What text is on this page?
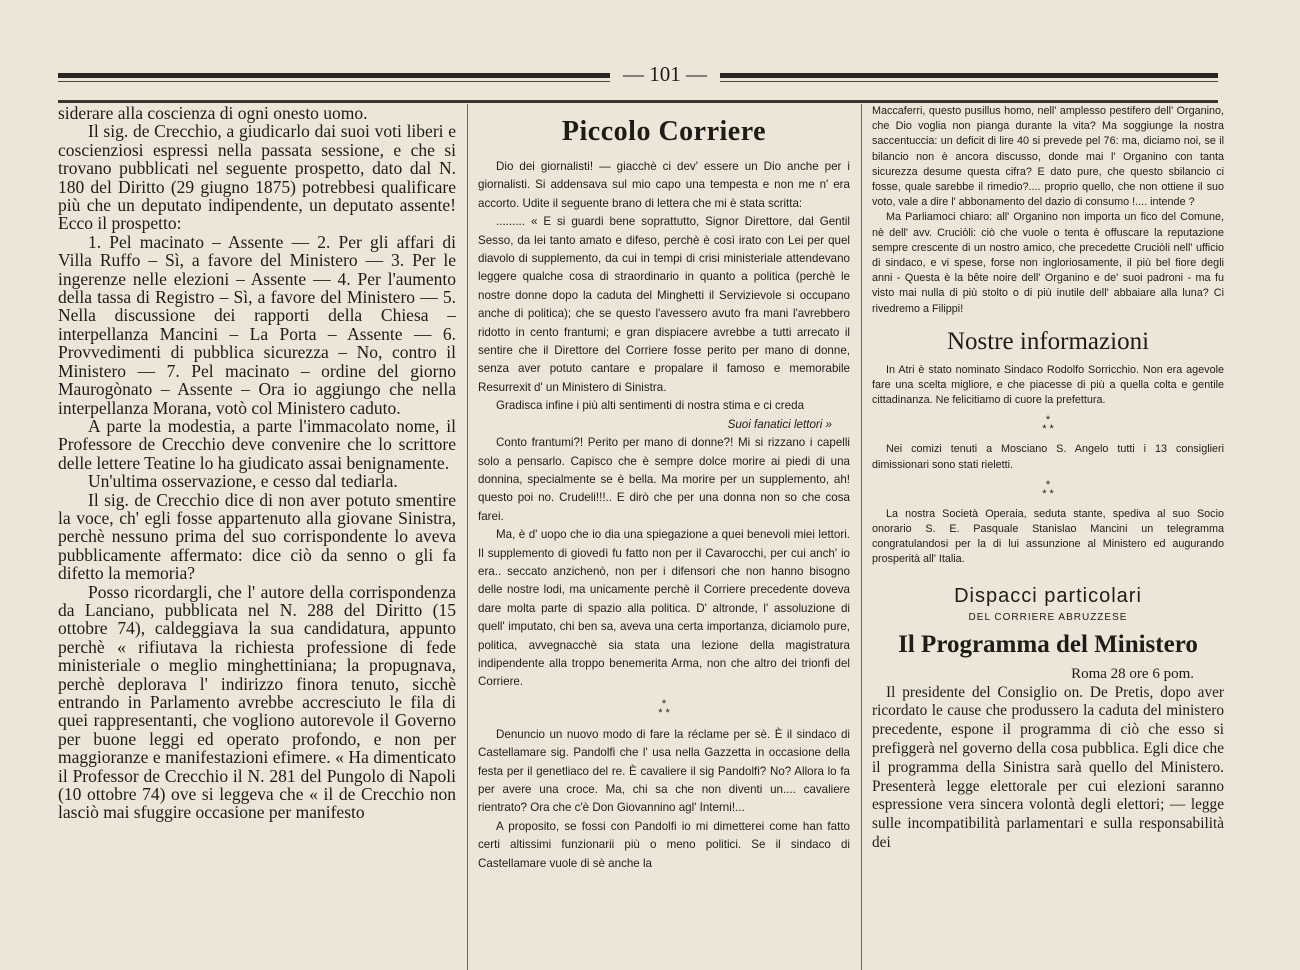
— 101 —

siderare alla coscienza di ogni onesto uomo.

Il sig. de Crecchio, a giudicarlo dai suoi voti liberi e coscienziosi espressi nella passata sessione, e che si trovano pubblicati nel seguente prospetto, dato dal N. 180 del Diritto (29 giugno 1875) potrebbesi qualificare più che un deputato indipendente, un deputato assente! Ecco il prospetto:

1. Pel macinato – Assente — 2. Per gli affari di Villa Ruffo – Sì, a favore del Ministero — 3. Per le ingerenze nelle elezioni – Assente — 4. Per l'aumento della tassa di Registro – Sì, a favore del Ministero — 5. Nella discussione dei rapporti della Chiesa – interpellanza Mancini – La Porta – Assente — 6. Provvedimenti di pubblica sicurezza – No, contro il Ministero — 7. Pel macinato – ordine del giorno Maurogònato – Assente – Ora io aggiungo che nella interpellanza Morana, votò col Ministero caduto.

A parte la modestia, a parte l'immacolato nome, il Professore de Crecchio deve convenire che lo scrittore delle lettere Teatine lo ha giudicato assai benignamente.

Un'ultima osservazione, e cesso dal tediarla.

Il sig. de Crecchio dice di non aver potuto smentire la voce, ch' egli fosse appartenuto alla giovane Sinistra, perchè nessuno prima del suo corrispondente lo aveva pubblicamente affermato: dice ciò da senno o gli fa difetto la memoria?

Posso ricordargli, che l' autore della corrispondenza da Lanciano, pubblicata nel N. 288 del Diritto (15 ottobre 74), caldeggiava la sua candidatura, appunto perchè « rifiutava la richiesta professione di fede ministeriale o meglio minghettiniana; la propugnava, perchè deplorava l' indirizzo finora tenuto, sicchè entrando in Parlamento avrebbe accresciuto le fila di quei rappresentanti, che vogliono autorevole il Governo per buone leggi ed operato profondo, e non per maggioranze e manifestazioni efimere. « Ha dimenticato il Professor de Crecchio il N. 281 del Pungolo di Napoli (10 ottobre 74) ove si leggeva che « il de Crecchio non lasciò mai sfuggire occasione per manifesto

Piccolo Corriere

Dio dei giornalisti! — giacchè ci dev' essere un Dio anche per i giornalisti. Si addensava sul mio capo una tempesta e non me n' era accorto. Udite il seguente brano di lettera che mi è stata scritta:

......... « E si guardi bene soprattutto, Signor Direttore, dal Gentil Sesso, da lei tanto amato e difeso, perchè è così irato con Lei per quel diavolo di supplemento, da cui in tempi di crisi ministeriale attendevano leggere qualche cosa di straordinario in quanto a politica (perchè le nostre donne dopo la caduta del Minghetti il Servizievole si occupano anche di politica); che se questo l'avessero avuto fra mani l'avrebbero ridotto in cento frantumi; e gran dispiacere avrebbe a tutti arrecato il sentire che il Direttore del Corriere fosse perito per mano di donne, senza aver potuto cantare e propalare il famoso e memorabile Resurrexit d' un Ministero di Sinistra.

Gradisca infine i più alti sentimenti di nostra stima e ci creda

Suoi fanatici lettori »

Conto frantumi?! Perito per mano di donne?! Mi si rizzano i capelli solo a pensarlo. Capisco che è sempre dolce morire ai piedi di una donnina, specialmente se è bella. Ma morire per un supplemento, ah! questo poi no. Crudeli!!!.. E dirò che per una donna non so che cosa farei.

Ma, è d' uopo che io dia una spiegazione a quei benevoli miei lettori. Il supplemento di giovedì fu fatto non per il Cavarocchi, per cui anch' io era.. seccato anzichenò, non per i difensori che non hanno bisogno delle nostre lodi, ma unicamente perchè il Corriere precedente doveva dare molta parte di spazio alla politica. D' altronde, l' assoluzione di quell' imputato, chi ben sa, aveva una certa importanza, diciamolo pure, politica, avvegnacchè sia stata una lezione della magistratura indipendente alla troppo benemerita Arma, non che altro dei trionfi del Corriere.

*
* *

Denuncio un nuovo modo di fare la réclame per sè. È il sindaco di Castellamare sig. Pandolfi che l' usa nella Gazzetta in occasione della festa per il genetliaco del re. È cavaliere il sig Pandolfi? No? Allora lo fa per avere una croce. Ma, chi sa che non diventi un.... cavaliere rientrato? Ora che c'è Don Giovannino agl' Interni!...

A proposito, se fossi con Pandolfi io mi dimetterei come han fatto certi altissimi funzionarii più o meno politici. Se il sindaco di Castellamare vuole di sè anche la

Maccaferri, questo pusillus homo, nell' amplesso pestifero dell' Organino, che Dio voglia non pianga durante la vita? Ma soggiunge la nostra saccentuccia: un deficit di lire 40 si prevede pel 76: ma, diciamo noi, se il bilancio non è ancora discusso, donde mai l' Organino con tanta sicurezza desume questa cifra? E dato pure, che questo sbilancio ci fosse, quale sarebbe il rimedio?.... proprio quello, che non ottiene il suo voto, vale a dire l' abbonamento del dazio di consumo !.... intende ?

Ma Parliamoci chiaro: all' Organino non importa un fico del Comune, nè dell' avv. Cruciòli: ciò che vuole o tenta è offuscare la reputazione sempre crescente di un nostro amico, che precedette Cruciòli nell' ufficio di sindaco, e vi spese, forse non ingloriosamente, il più bel fiore degli anni - Questa è la bête noire dell' Organino e de' suoi padroni - ma fu visto mai nulla di più stolto o di più inutile dell' abbaiare alla luna? Ci rivedremo a Filippi!

Nostre informazioni

In Atri è stato nominato Sindaco Rodolfo Sorricchio. Non era agevole fare una scelta migliore, e che piacesse di più a quella colta e gentile cittadinanza. Ne felicitiamo di cuore la prefettura.

*
* *

Nei comizi tenuti a Mosciano S. Angelo tutti i 13 consiglieri dimissionari sono stati rieletti.

*
* *

La nostra Società Operaia, seduta stante, spediva al suo Socio onorario S. E. Pasquale Stanislao Mancini un telegramma congratulandosi per la di lui assunzione al Ministero ed augurando prosperità all' Italia.

Dispacci particolari
DEL CORRIERE ABRUZZESE
Il Programma del Ministero
Roma 28 ore 6 pom.

Il presidente del Consiglio on. De Pretis, dopo aver ricordato le cause che produssero la caduta del ministero precedente, espone il programma di ciò che esso si prefiggerà nel governo della cosa pubblica. Egli dice che il programma della Sinistra sarà quello del Ministero. Presenterà legge elettorale per cui elezioni saranno espressione vera sincera volontà degli elettori; — legge sulle incompatibilità parlamentari e sulla responsabilità dei
